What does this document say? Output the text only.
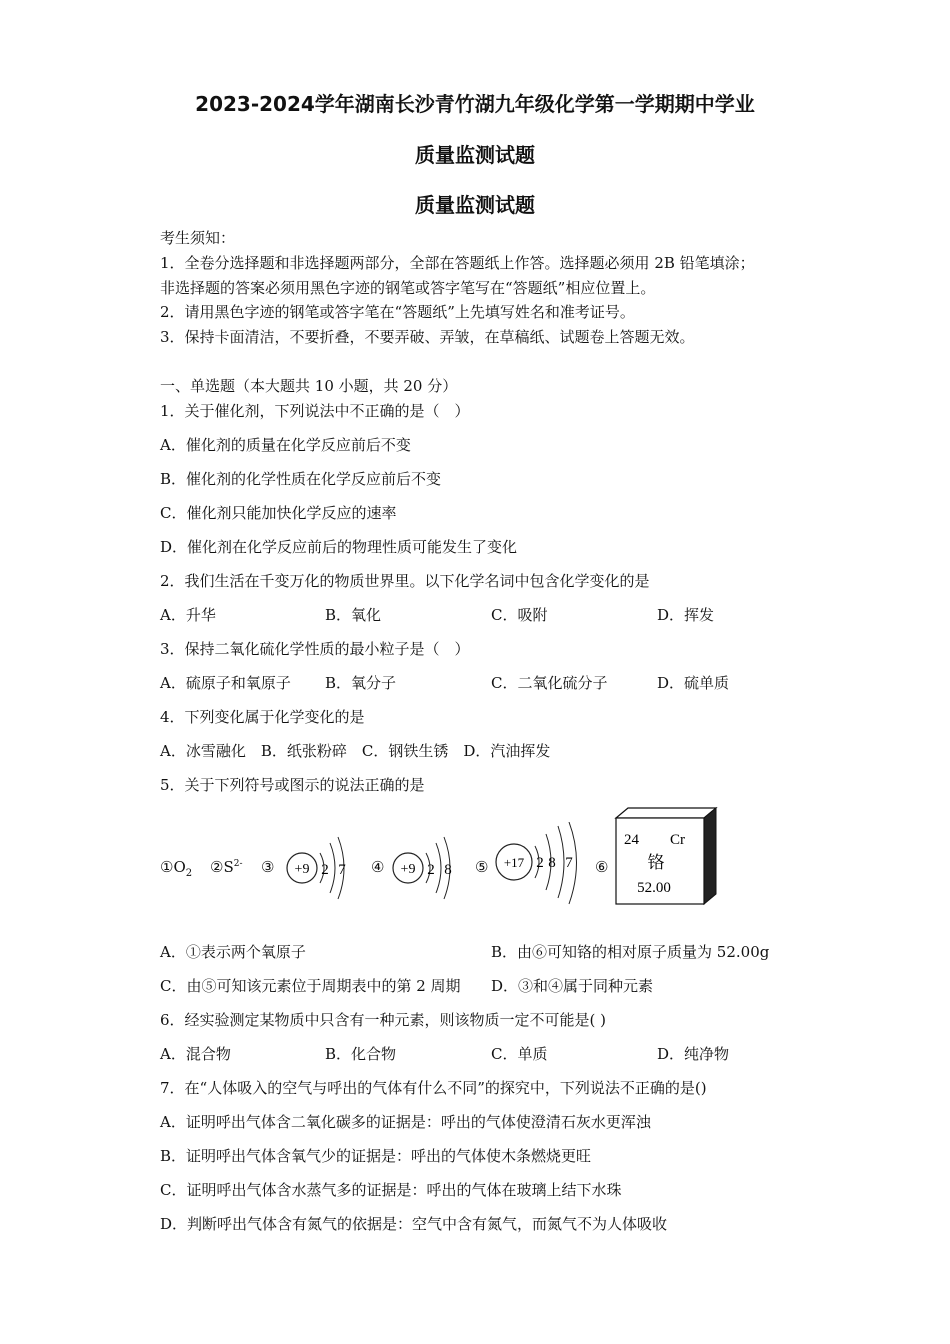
2023-2024学年湖南长沙青竹湖九年级化学第一学期期中学业
质量监测试题
质量监测试题
考生须知：
1．全卷分选择题和非选择题两部分，全部在答题纸上作答。选择题必须用 2B 铅笔填涂；
非选择题的答案必须用黑色字迹的钢笔或答字笔写在“答题纸”相应位置上。
2．请用黑色字迹的钢笔或答字笔在“答题纸”上先填写姓名和准考证号。
3．保持卡面清洁，不要折叠，不要弄破、弄皱，在草稿纸、试题卷上答题无效。
一、单选题（本大题共 10 小题，共 20 分）
1．关于催化剂，下列说法中不正确的是（　）
A．催化剂的质量在化学反应前后不变
B．催化剂的化学性质在化学反应前后不变
C．催化剂只能加快化学反应的速率
D．催化剂在化学反应前后的物理性质可能发生了变化
2．我们生活在千变万化的物质世界里。以下化学名词中包含化学变化的是
A．升华	B．氧化	C．吸附	D．挥发
3．保持二氧化硫化学性质的最小粒子是（　）
A．硫原子和氧原子 B．氧分子	C．二氧化硫分子	D．硫单质
4．下列变化属于化学变化的是
A．冰雪融化　B．纸张粉碎　C．钢铁生锈　D．汽油挥发
5．关于下列符号或图示的说法正确的是
$①O_2$ $②S^{2-}$ ③	④	⑤	⑥
+9 2 7	+9 2 8	+17 2 8 7
24 Cr
铬
52.00
A．①表示两个氧原子	B．由⑥可知铬的相对原子质量为 52.00g
C．由⑤可知该元素位于周期表中的第 2 周期 D．③和④属于同种元素
6．经实验测定某物质中只含有一种元素，则该物质一定不可能是( )
A．混合物	B．化合物	C．单质	D．纯净物
7．在“人体吸入的空气与呼出的气体有什么不同”的探究中，下列说法不正确的是()
A．证明呼出气体含二氧化碳多的证据是：呼出的气体使澄清石灰水更浑浊
B．证明呼出气体含氧气少的证据是：呼出的气体使木条燃烧更旺
C．证明呼出气体含水蒸气多的证据是：呼出的气体在玻璃上结下水珠
D．判断呼出气体含有氮气的依据是：空气中含有氮气，而氮气不为人体吸收
